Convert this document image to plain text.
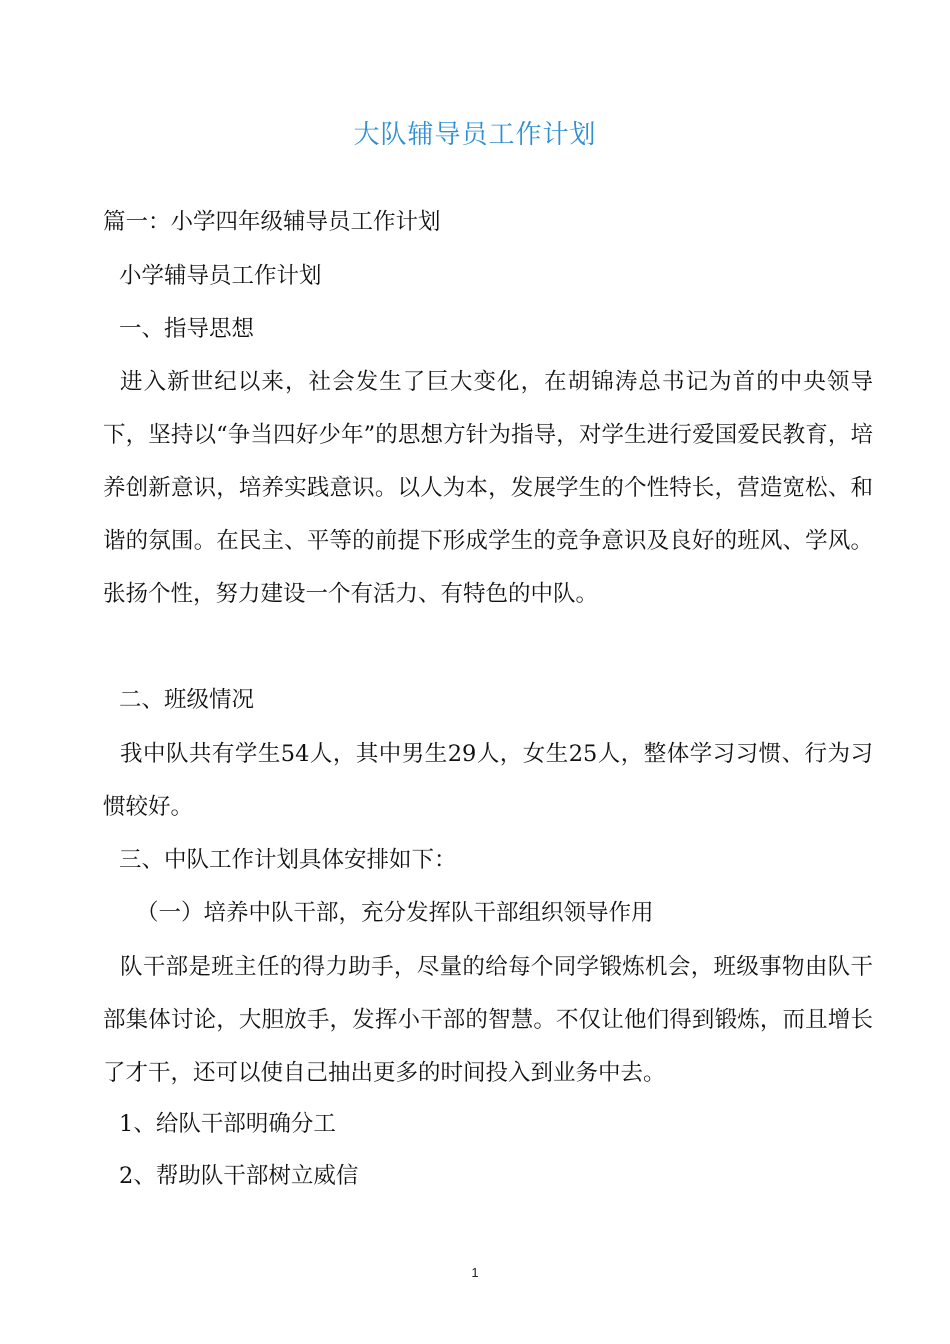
大队辅导员工作计划

篇一：小学四年级辅导员工作计划

小学辅导员工作计划

一、指导思想

进入新世纪以来，社会发生了巨大变化，在胡锦涛总书记为首的中央领导下，坚持以“争当四好少年”的思想方针为指导，对学生进行爱国爱民教育，培养创新意识，培养实践意识。以人为本，发展学生的个性特长，营造宽松、和谐的氛围。在民主、平等的前提下形成学生的竞争意识及良好的班风、学风。张扬个性，努力建设一个有活力、有特色的中队。

二、班级情况

我中队共有学生54人，其中男生29人，女生25人，整体学习习惯、行为习惯较好。

三、中队工作计划具体安排如下：

（一）培养中队干部，充分发挥队干部组织领导作用

队干部是班主任的得力助手，尽量的给每个同学锻炼机会，班级事物由队干部集体讨论，大胆放手，发挥小干部的智慧。不仅让他们得到锻炼，而且增长了才干，还可以使自己抽出更多的时间投入到业务中去。

1、给队干部明确分工

2、帮助队干部树立威信

1
